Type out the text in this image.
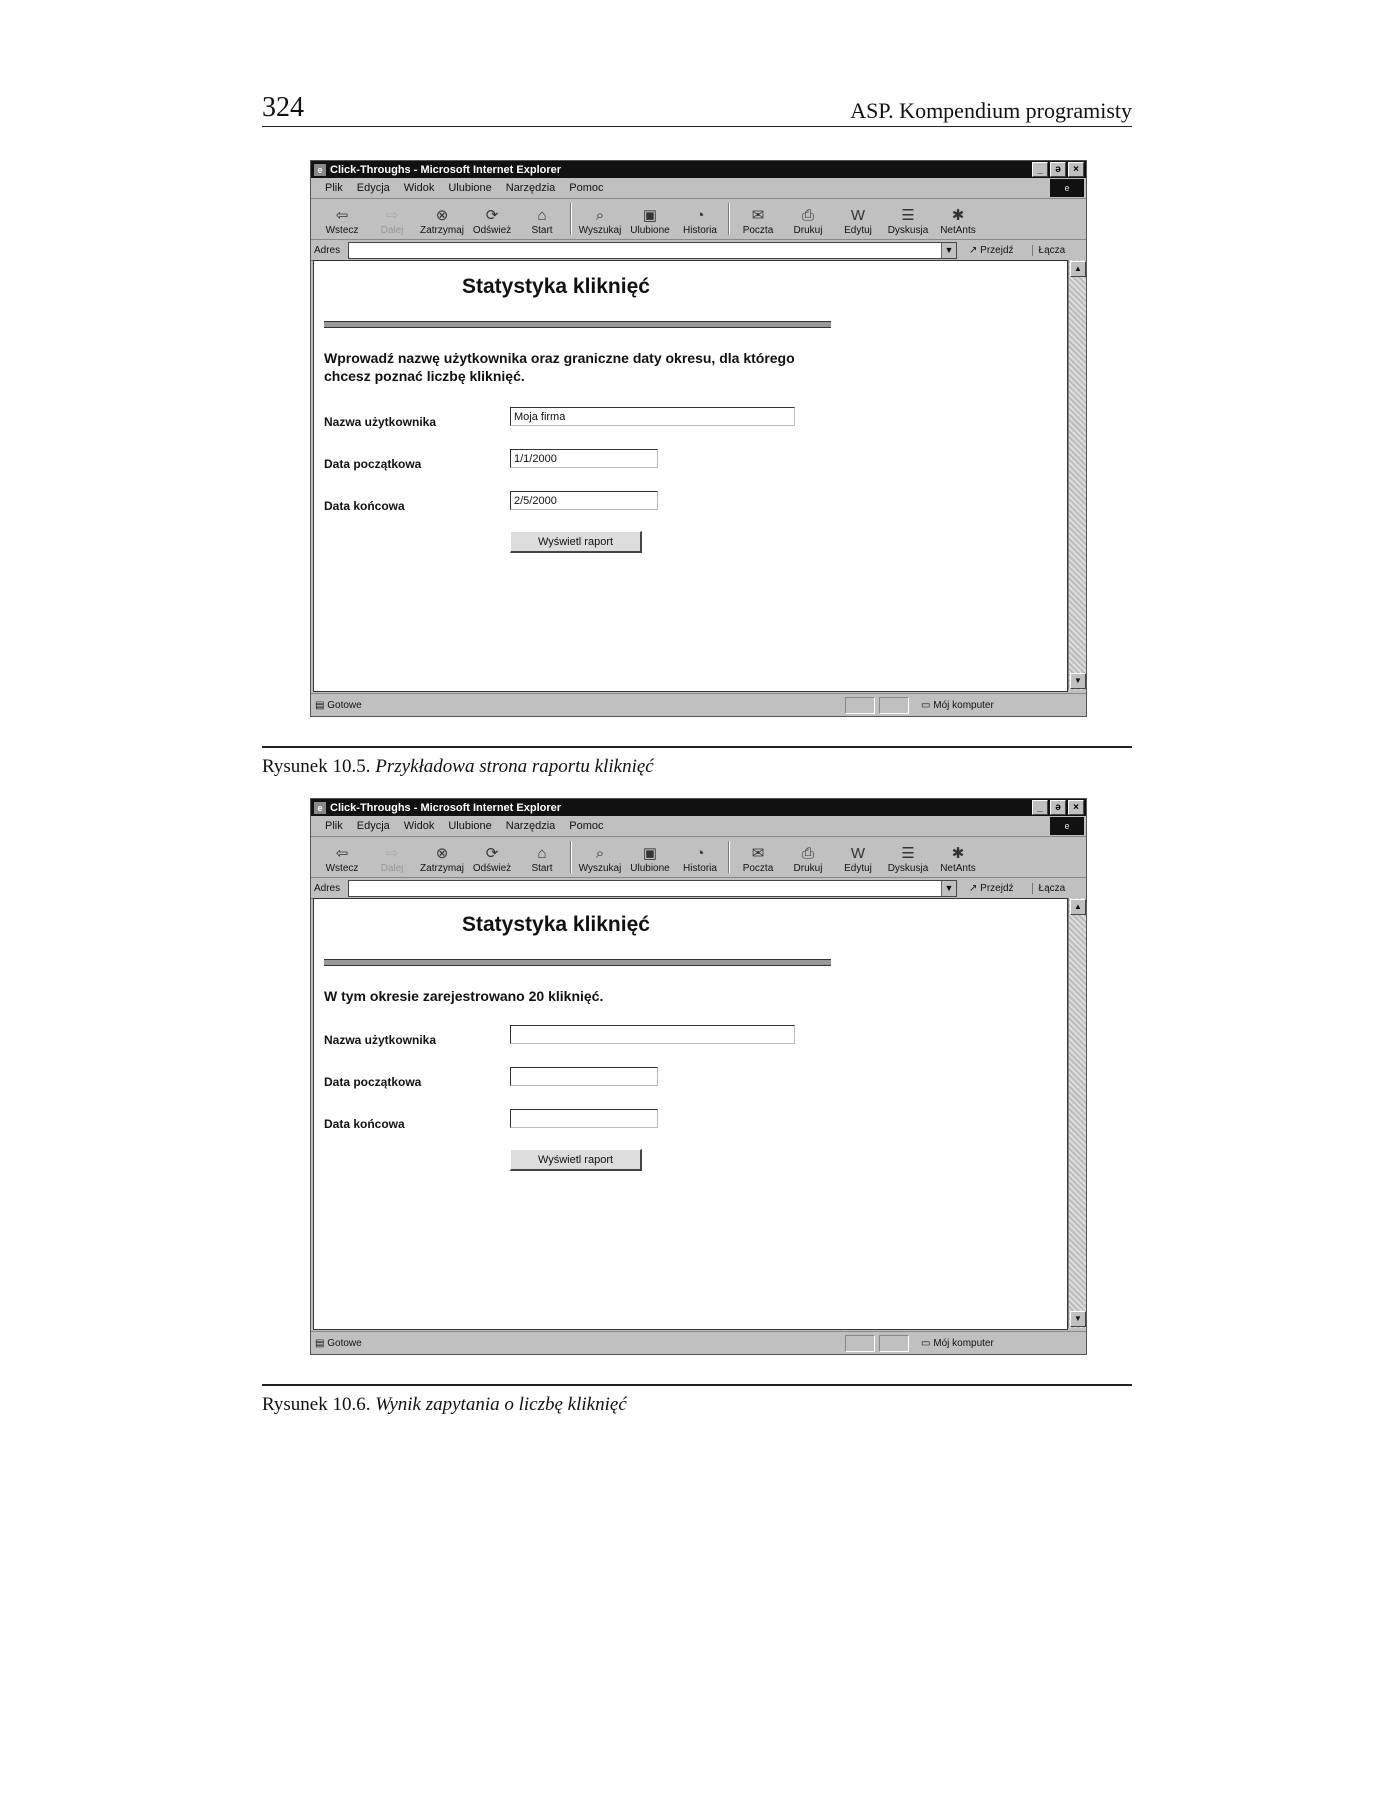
324	ASP. Kompendium programisty
e Click-Throughs - Microsoft Internet Explorer	_	ə	×
Plik Edycja Widok Ulubione Narzędzia Pomoc	e
⇦
Wstecz
⇨
Dalej
⊗
Zatrzymaj
⟳
Odśwież
⌂
Start
⌕
Wyszukaj
▣
Ulubione
◔
Historia
✉
Poczta
⎙
Drukuj
W
Edytuj
☰
Dyskusja
✱
NetAnts
Adres	▼ ↗ Przejdź	Łącza
Statystyka kliknięć
Wprowadź nazwę użytkownika oraz graniczne daty okresu, dla którego chcesz poznać liczbę kliknięć.
Nazwa użytkownika	Moja firma
Data początkowa	1/1/2000
Data końcowa	2/5/2000
Wyświetl raport
▲
▼
▤ Gotowe	▭ Mój komputer
Rysunek 10.5. Przykładowa strona raportu kliknięć
e Click-Throughs - Microsoft Internet Explorer	_	ə	×
Plik Edycja Widok Ulubione Narzędzia Pomoc	e
⇦
Wstecz
⇨
Dalej
⊗
Zatrzymaj
⟳
Odśwież
⌂
Start
⌕
Wyszukaj
▣
Ulubione
◔
Historia
✉
Poczta
⎙
Drukuj
W
Edytuj
☰
Dyskusja
✱
NetAnts
Adres	▼ ↗ Przejdź	Łącza
Statystyka kliknięć
W tym okresie zarejestrowano 20 kliknięć.
Nazwa użytkownika
Data początkowa
Data końcowa
Wyświetl raport
▲
▼
▤ Gotowe	▭ Mój komputer
Rysunek 10.6. Wynik zapytania o liczbę kliknięć
